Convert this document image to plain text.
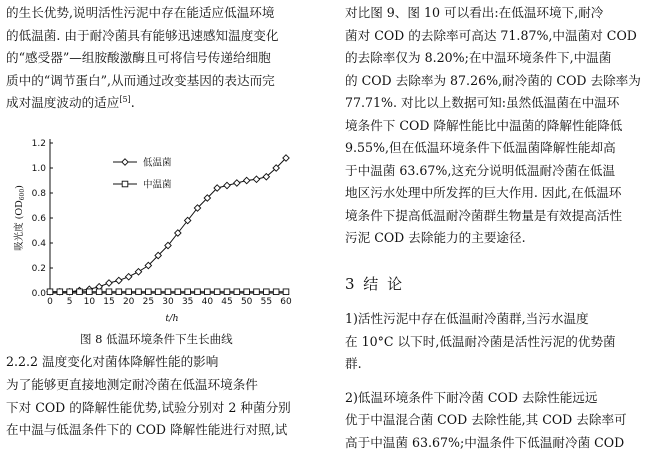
的生长优势,说明活性污泥中存在能适应低温环境

的低温菌. 由于耐冷菌具有能够迅速感知温度变化

的“感受器”—组胺酸激酶且可将信号传递给细胞

质中的“调节蛋白”,从而通过改变基因的表达而完

成对温度波动的适应[5].

0.0
0.2
0.4
0.6
0.8
1.0
1.2
0 5 10 15 20 25 30 35 40 45 50 55 60
t/h
吸光度 $(OD_{600})$
低温菌
中温菌
图 8 低温环境条件下生长曲线
2.2.2 温度变化对菌体降解性能的影响

为了能够更直接地测定耐冷菌在低温环境条件

下对 COD 的降解性能优势,试验分别对 2 种菌分别

在中温与低温条件下的 COD 降解性能进行对照,试

对比图 9、图 10 可以看出:在低温环境下,耐冷

菌对 COD 的去除率可高达 71.87%,中温菌对 COD

的去除率仅为 8.20%;在中温环境条件下,中温菌

的 COD 去除率为 87.26%,耐冷菌的 COD 去除率为

77.71%. 对比以上数据可知:虽然低温菌在中温环

境条件下 COD 降解性能比中温菌的降解性能降低

9.55%,但在低温环境条件下低温菌降解性能却高

于中温菌 63.67%,这充分说明低温耐冷菌在低温

地区污水处理中所发挥的巨大作用. 因此,在低温环

境条件下提高低温耐冷菌群生物量是有效提高活性

污泥 COD 去除能力的主要途径.

3 结 论

1)活性污泥中存在低温耐冷菌群,当污水温度

在 10°C 以下时,低温耐冷菌是活性污泥的优势菌

群.

2)低温环境条件下耐冷菌 COD 去除性能远远

优于中温混合菌 COD 去除性能,其 COD 去除率可

高于中温菌 63.67%;中温条件下低温耐冷菌 COD
